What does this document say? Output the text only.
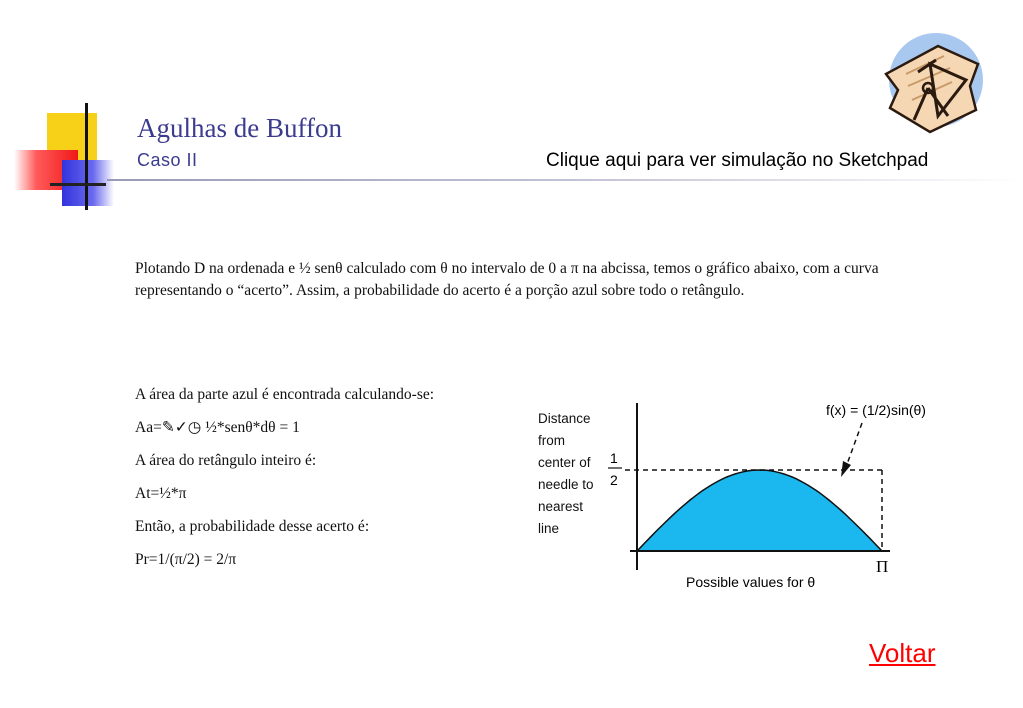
Agulhas de Buffon
Caso II	Clique aqui para ver simulação no Sketchpad
Plotando D na ordenada e ½ senθ calculado com θ no intervalo de 0 a π na abcissa, temos o gráfico abaixo, com a curva representando o “acerto”. Assim, a probabilidade do acerto é a porção azul sobre todo o retângulo.
A área da parte azul é encontrada calculando-se:
Aa=✎✓◷ ½*senθ*dθ = 1
A área do retângulo inteiro é:
At=½*π
Então, a probabilidade desse acerto é:
Pr=1/(π/2) = 2/π
Distance
from
center of
needle to
nearest
line
1
2
Π
Possible values for θ
f(x) = (1/2)sin(θ)
Voltar
